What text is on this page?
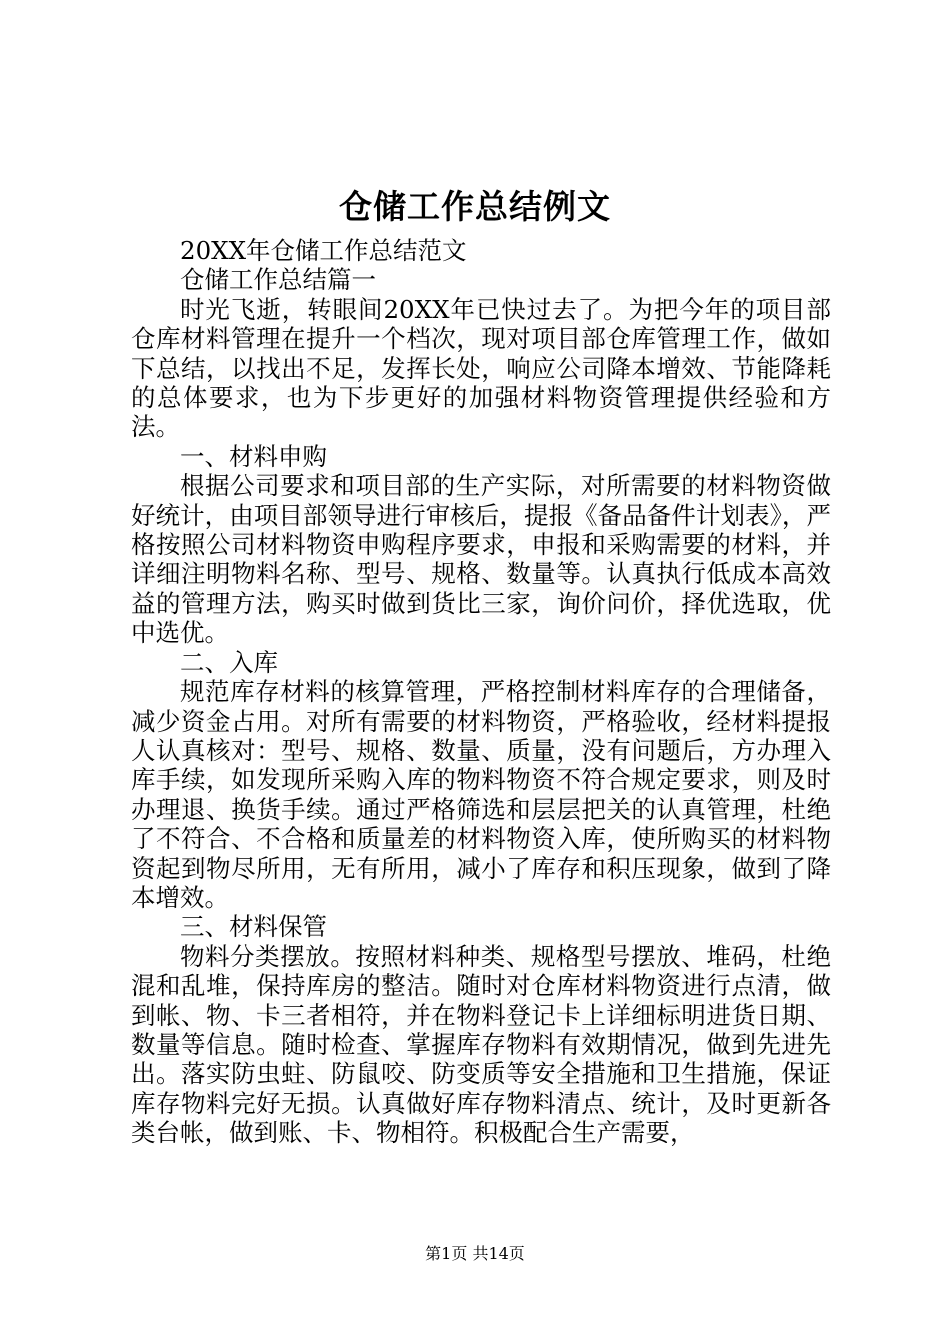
仓储工作总结例文

20XX年仓储工作总结范文

仓储工作总结篇一

时光飞逝，转眼间20XX年已快过去了。为把今年的项目部仓库材料管理在提升一个档次，现对项目部仓库管理工作，做如下总结，以找出不足，发挥长处，响应公司降本增效、节能降耗的总体要求，也为下步更好的加强材料物资管理提供经验和方法。

一、材料申购

根据公司要求和项目部的生产实际，对所需要的材料物资做好统计，由项目部领导进行审核后，提报《备品备件计划表》，严格按照公司材料物资申购程序要求，申报和采购需要的材料，并详细注明物料名称、型号、规格、数量等。认真执行低成本高效益的管理方法，购买时做到货比三家，询价问价，择优选取，优中选优。

二、入库

规范库存材料的核算管理，严格控制材料库存的合理储备，减少资金占用。对所有需要的材料物资，严格验收，经材料提报人认真核对：型号、规格、数量、质量，没有问题后，方办理入库手续，如发现所采购入库的物料物资不符合规定要求，则及时办理退、换货手续。通过严格筛选和层层把关的认真管理，杜绝了不符合、不合格和质量差的材料物资入库，使所购买的材料物资起到物尽所用，无有所用，减小了库存和积压现象，做到了降本增效。

三、材料保管

物料分类摆放。按照材料种类、规格型号摆放、堆码，杜绝混和乱堆，保持库房的整洁。随时对仓库材料物资进行点清，做到帐、物、卡三者相符，并在物料登记卡上详细标明进货日期、数量等信息。随时检查、掌握库存物料有效期情况，做到先进先出。落实防虫蛀、防鼠咬、防变质等安全措施和卫生措施，保证库存物料完好无损。认真做好库存物料清点、统计，及时更新各类台帐，做到账、卡、物相符。积极配合生产需要，

第1页 共14页
